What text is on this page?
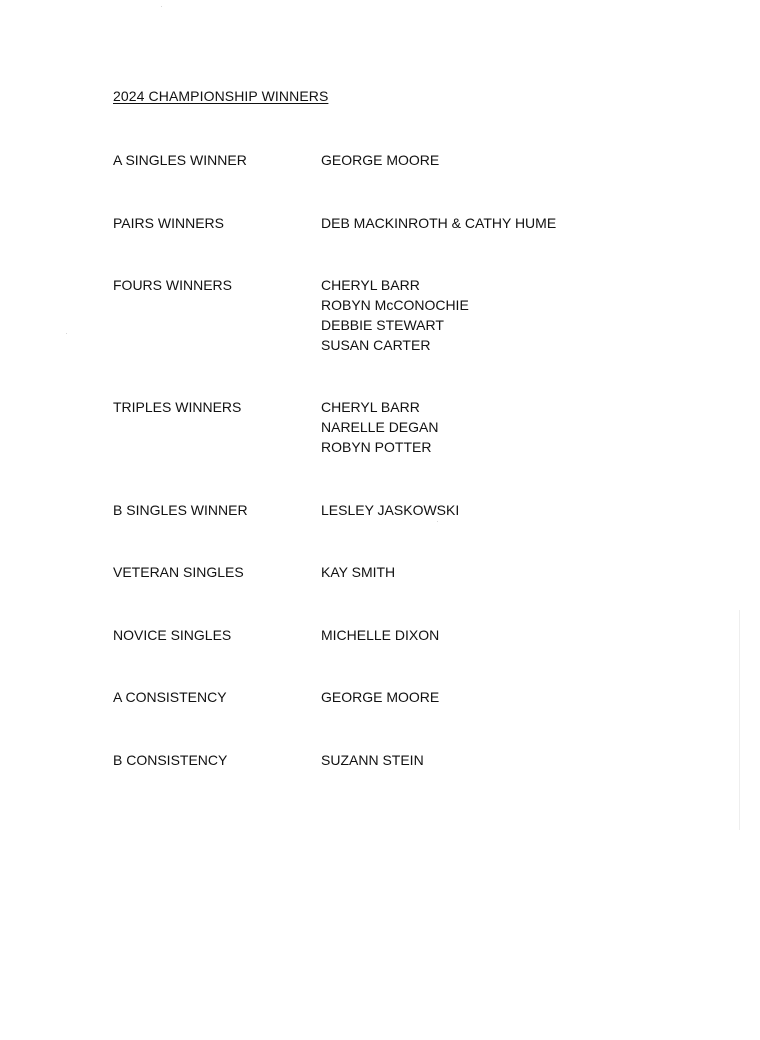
2024 CHAMPIONSHIP WINNERS
A SINGLES WINNER	GEORGE MOORE
PAIRS WINNERS	DEB MACKINROTH & CATHY HUME
FOURS WINNERS	CHERYL BARR
ROBYN McCONOCHIE
DEBBIE STEWART
SUSAN CARTER
TRIPLES WINNERS	CHERYL BARR
NARELLE DEGAN
ROBYN POTTER
B SINGLES WINNER	LESLEY JASKOWSKI
VETERAN SINGLES	KAY SMITH
NOVICE SINGLES	MICHELLE DIXON
A CONSISTENCY	GEORGE MOORE
B CONSISTENCY	SUZANN STEIN
